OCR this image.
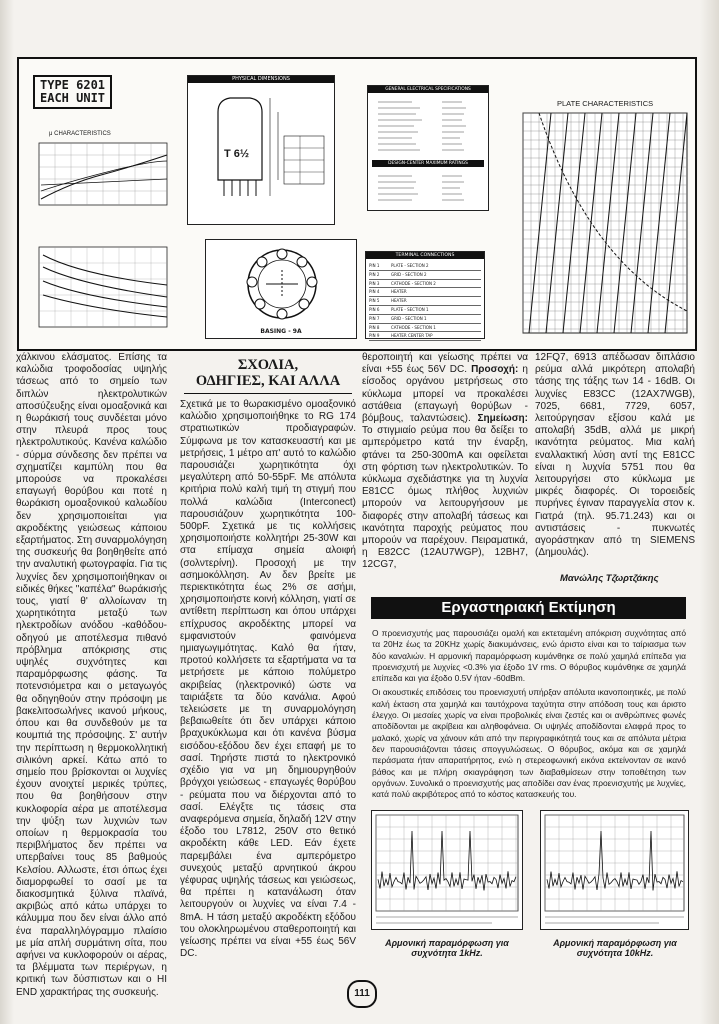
TYPE 6201
EACH UNIT
μ CHARACTERISTICS
PHYSICAL DIMENSIONS
T 6½
GENERAL ELECTRICAL SPECIFICATIONS
DESIGN-CENTER MAXIMUM RATINGS
BASING - 9A
TERMINAL CONNECTIONS
PIN 1	PLATE - SECTION 2
PIN 2	GRID - SECTION 2
PIN 3	CATHODE - SECTION 2
PIN 4	HEATER
PIN 5	HEATER
PIN 6	PLATE - SECTION 1
PIN 7	GRID - SECTION 1
PIN 8	CATHODE - SECTION 1
PIN 9	HEATER CENTER TAP
PLATE CHARACTERISTICS
χάλκινου ελάσματος. Επίσης τα καλώδια τροφοδοσίας υψηλής τάσεως από το σημείο των διπλών ηλεκτρολυτικών αποσύζευξης είναι ομοαξονικά και η θωράκισή τους συνδέεται μόνο στην πλευρά προς τους ηλεκτρολυτικούς. Κανένα καλώδιο - σύρμα σύνδεσης δεν πρέπει να σχηματίζει καμπύλη που θα μπορούσε να προκαλέσει επαγωγή θορύβου και ποτέ η θωράκιση ομοαξονικού καλωδίου δεν χρησιμοποιείται για ακροδέκτης γειώσεως κάποιου εξαρτήματος. Στη συναρμολόγηση της συσκευής θα βοηθηθείτε από την αναλυτική φωτογραφία. Για τις λυχνίες δεν χρησιμοποιήθηκαν οι ειδικές θήκες "καπέλα" θωράκισής τους, γιατί θ' αλλοίωναν τη χωρητικότητα μεταξύ των ηλεκτροδίων ανόδου -καθόδου- οδηγού με αποτέλεσμα πιθανό πρόβλημα απόκρισης στις υψηλές συχνότητες και παραμόρφωσης φάσης. Τα ποτενσιόμετρα και ο μεταγωγός θα οδηγηθούν στην πρόσοψη με βακελιτοσωλήνες ικανού μήκους, όπου και θα συνδεθούν με τα κουμπιά της πρόσοψης. Σ' αυτήν την περίπτωση η θερμοκολλητική σιλικόνη αρκεί. Κάτω από το σημείο που βρίσκονται οι λυχνίες έχουν ανοιχτεί μερικές τρύπες, που θα βοηθήσουν στην κυκλοφορία αέρα με αποτέλεσμα την ψύξη των λυχνιών των οποίων η θερμοκρασία του περιβλήματος δεν πρέπει να υπερβαίνει τους 85 βαθμούς Κελσίου. Αλλωστε, έτσι όπως έχει διαμορφωθεί το σασί με τα διακοσμητικά ξύλινα πλαϊνά, ακριβώς από κάτω υπάρχει το κάλυμμα που δεν είναι άλλο από ένα παραλληλόγραμμο πλαίσιο με μία απλή συρμάτινη σίτα, που αφήνει να κυκλοφορούν οι αέρας, τα βλέμματα των περιέργων, η κριτική των δύσπιστων και ο HI END χαρακτήρας της συσκευής.
ΣΧΟΛΙΑ,
ΟΔΗΓΙΕΣ, ΚΑΙ ΑΛΛΑ
Σχετικά με το θωρακισμένο ομοαξονικό καλώδιο χρησιμοποιήθηκε το RG 174 στρατιωτικών προδιαγραφών. Σύμφωνα με τον κατασκευαστή και με μετρήσεις, 1 μέτρο απ' αυτό το καλώδιο παρουσιάζει χωρητικότητα όχι μεγαλύτερη από 50-55pF. Με απόλυτα κριτήρια πολύ καλή τιμή τη στιγμή που πολλά καλώδια (Interconect) παρουσιάζουν χωρητικότητα 100-500pF. Σχετικά με τις κολλήσεις χρησιμοποιήστε κολλητήρι 25-30W και στα επίμαχα σημεία αλοιφή (σολντερίνη). Προσοχή με την ασημοκόλληση. Αν δεν βρείτε με περιεκτικότητα έως 2% σε ασήμι, χρησιμοποιήστε κοινή κόλληση, γιατί σε αντίθετη περίπτωση και όπου υπάρχει επίχρυσος ακροδέκτης μπορεί να εμφανιστούν φαινόμενα ημιαγωγιμότητας. Καλό θα ήταν, προτού κολλήσετε τα εξαρτήματα να τα μετρήσετε με κάποιο πολύμετρο ακριβείας (ηλεκτρονικό) ώστε να ταιριάξετε τα δύο κανάλια. Αφού τελειώσετε με τη συναρμολόγηση βεβαιωθείτε ότι δεν υπάρχει κάποιο βραχυκύκλωμα και ότι κανένα βύσμα εισόδου-εξόδου δεν έχει επαφή με το σασί. Τηρήστε πιστά το ηλεκτρονικό σχέδιο για να μη δημιουργηθούν βρόγχοι γειώσεως - επαγωγές θορύβου - ρεύματα που να διέρχονται από το σασί. Ελέγξτε τις τάσεις στα αναφερόμενα σημεία, δηλαδή 12V στην έξοδο του L7812, 250V στο θετικό ακροδέκτη κάθε LED. Εάν έχετε παρεμβάλει ένα αμπερόμετρο συνεχούς μεταξύ αρνητικού άκρου γέφυρας υψηλής τάσεως και γειώσεως, θα πρέπει η κατανάλωση όταν λειτουργούν οι λυχνίες να είναι 7.4 - 8mA. Η τάση μεταξύ ακροδέκτη εξόδου του ολοκληρωμένου σταθεροποιητή και γείωσης πρέπει να είναι +55 έως 56V DC.
θεροποιητή και γείωσης πρέπει να είναι +55 έως 56V DC. Προσοχή: η είσοδος οργάνου μετρήσεως στο κύκλωμα μπορεί να προκαλέσει αστάθεια (επαγωγή θορύβων - βόμβους, ταλαντώσεις). Σημείωση: Το στιγμιαίο ρεύμα που θα δείξει το αμπερόμετρο κατά την έναρξη, φτάνει τα 250-300mA και οφείλεται στη φόρτιση των ηλεκτρολυτικών. Το κύκλωμα σχεδιάστηκε για τη λυχνία E81CC όμως πλήθος λυχνιών μπορούν να λειτουργήσουν με διαφορές στην απολαβή τάσεως και ικανότητα παροχής ρεύματος που μπορούν να παρέχουν. Πειραματικά, η E82CC (12AU7WGP), 12BH7, 12CG7,
12FQ7, 6913 απέδωσαν διπλάσιο ρεύμα αλλά μικρότερη απολαβή τάσης της τάξης των 14 - 16dB. Οι λυχνίες E83CC (12AX7WGB), 7025, 6681, 7729, 6057, λειτούργησαν εξίσου καλά με απολαβή 35dB, αλλά με μικρή ικανότητα ρεύματος. Μια καλή εναλλακτική λύση αντί της E81CC είναι η λυχνία 5751 που θα λειτουργήσει στο κύκλωμα με μικρές διαφορές. Οι τοροειδείς πυρήνες έγιναν παραγγελία στον κ. Γιατρά (τηλ. 95.71.243) και οι αντιστάσεις - πυκνωτές αγοράστηκαν από τη SIEMENS (Δημουλάς).
Μανώλης Τζωρτζάκης
Εργαστηριακή Εκτίμηση

Ο προενισχυτής μας παρουσιάζει ομαλή και εκτεταμένη απόκριση συχνότητας από τα 20Hz έως τα 20KHz χωρίς διακυμάνσεις, ενώ άριστο είναι και το ταίριασμα των δύο καναλιών. Η αρμονική παραμόρφωση κυμάνθηκε σε πολύ χαμηλά επίπεδα για προενισχυτή με λυχνίες <0.3% για έξοδο 1V rms. Ο θόρυβος κυμάνθηκε σε χαμηλά επίπεδα και για έξοδο 0.5V ήταν -60dBm.

Οι ακουστικές επιδόσεις του προενισχυτή υπήρξαν απόλυτα ικανοποιητικές, με πολύ καλή έκταση στα χαμηλά και ταυτόχρονα ταχύτητα στην απόδοση τους και άριστο έλεγχο. Οι μεσαίες χωρίς να είναι προβολικές είναι ζεστές και οι ανθρώπινες φωνές αποδίδονται με ακρίβεια και αληθοφάνεια. Οι υψηλές αποδίδονται ελαφρά προς το μαλακό, χωρίς να χάνουν κάτι από την περιγραφικότητά τους και σε απόλυτα μέτρια δεν παρουσιάζονται τάσεις σπογγυλώσεως. Ο θόρυβος, ακόμα και σε χαμηλά περάσματα ήταν απαρατήρητος, ενώ η στερεοφωνική εικόνα εκτείνονταν σε ικανό βάθος και με πλήρη σκιαγράφηση των διαβαθμίσεων στην τοποθέτηση των οργάνων. Συνολικά ο προενισχυτής μας αποδίδει σαν ένας προενισχυτής με λυχνίες, κατά πολύ ακριβότερος από το κόστος κατασκευής του.

Αρμονική παραμόρφωση για συχνότητα 1kHz.
Αρμονική παραμόρφωση για συχνότητα 10kHz.
111
